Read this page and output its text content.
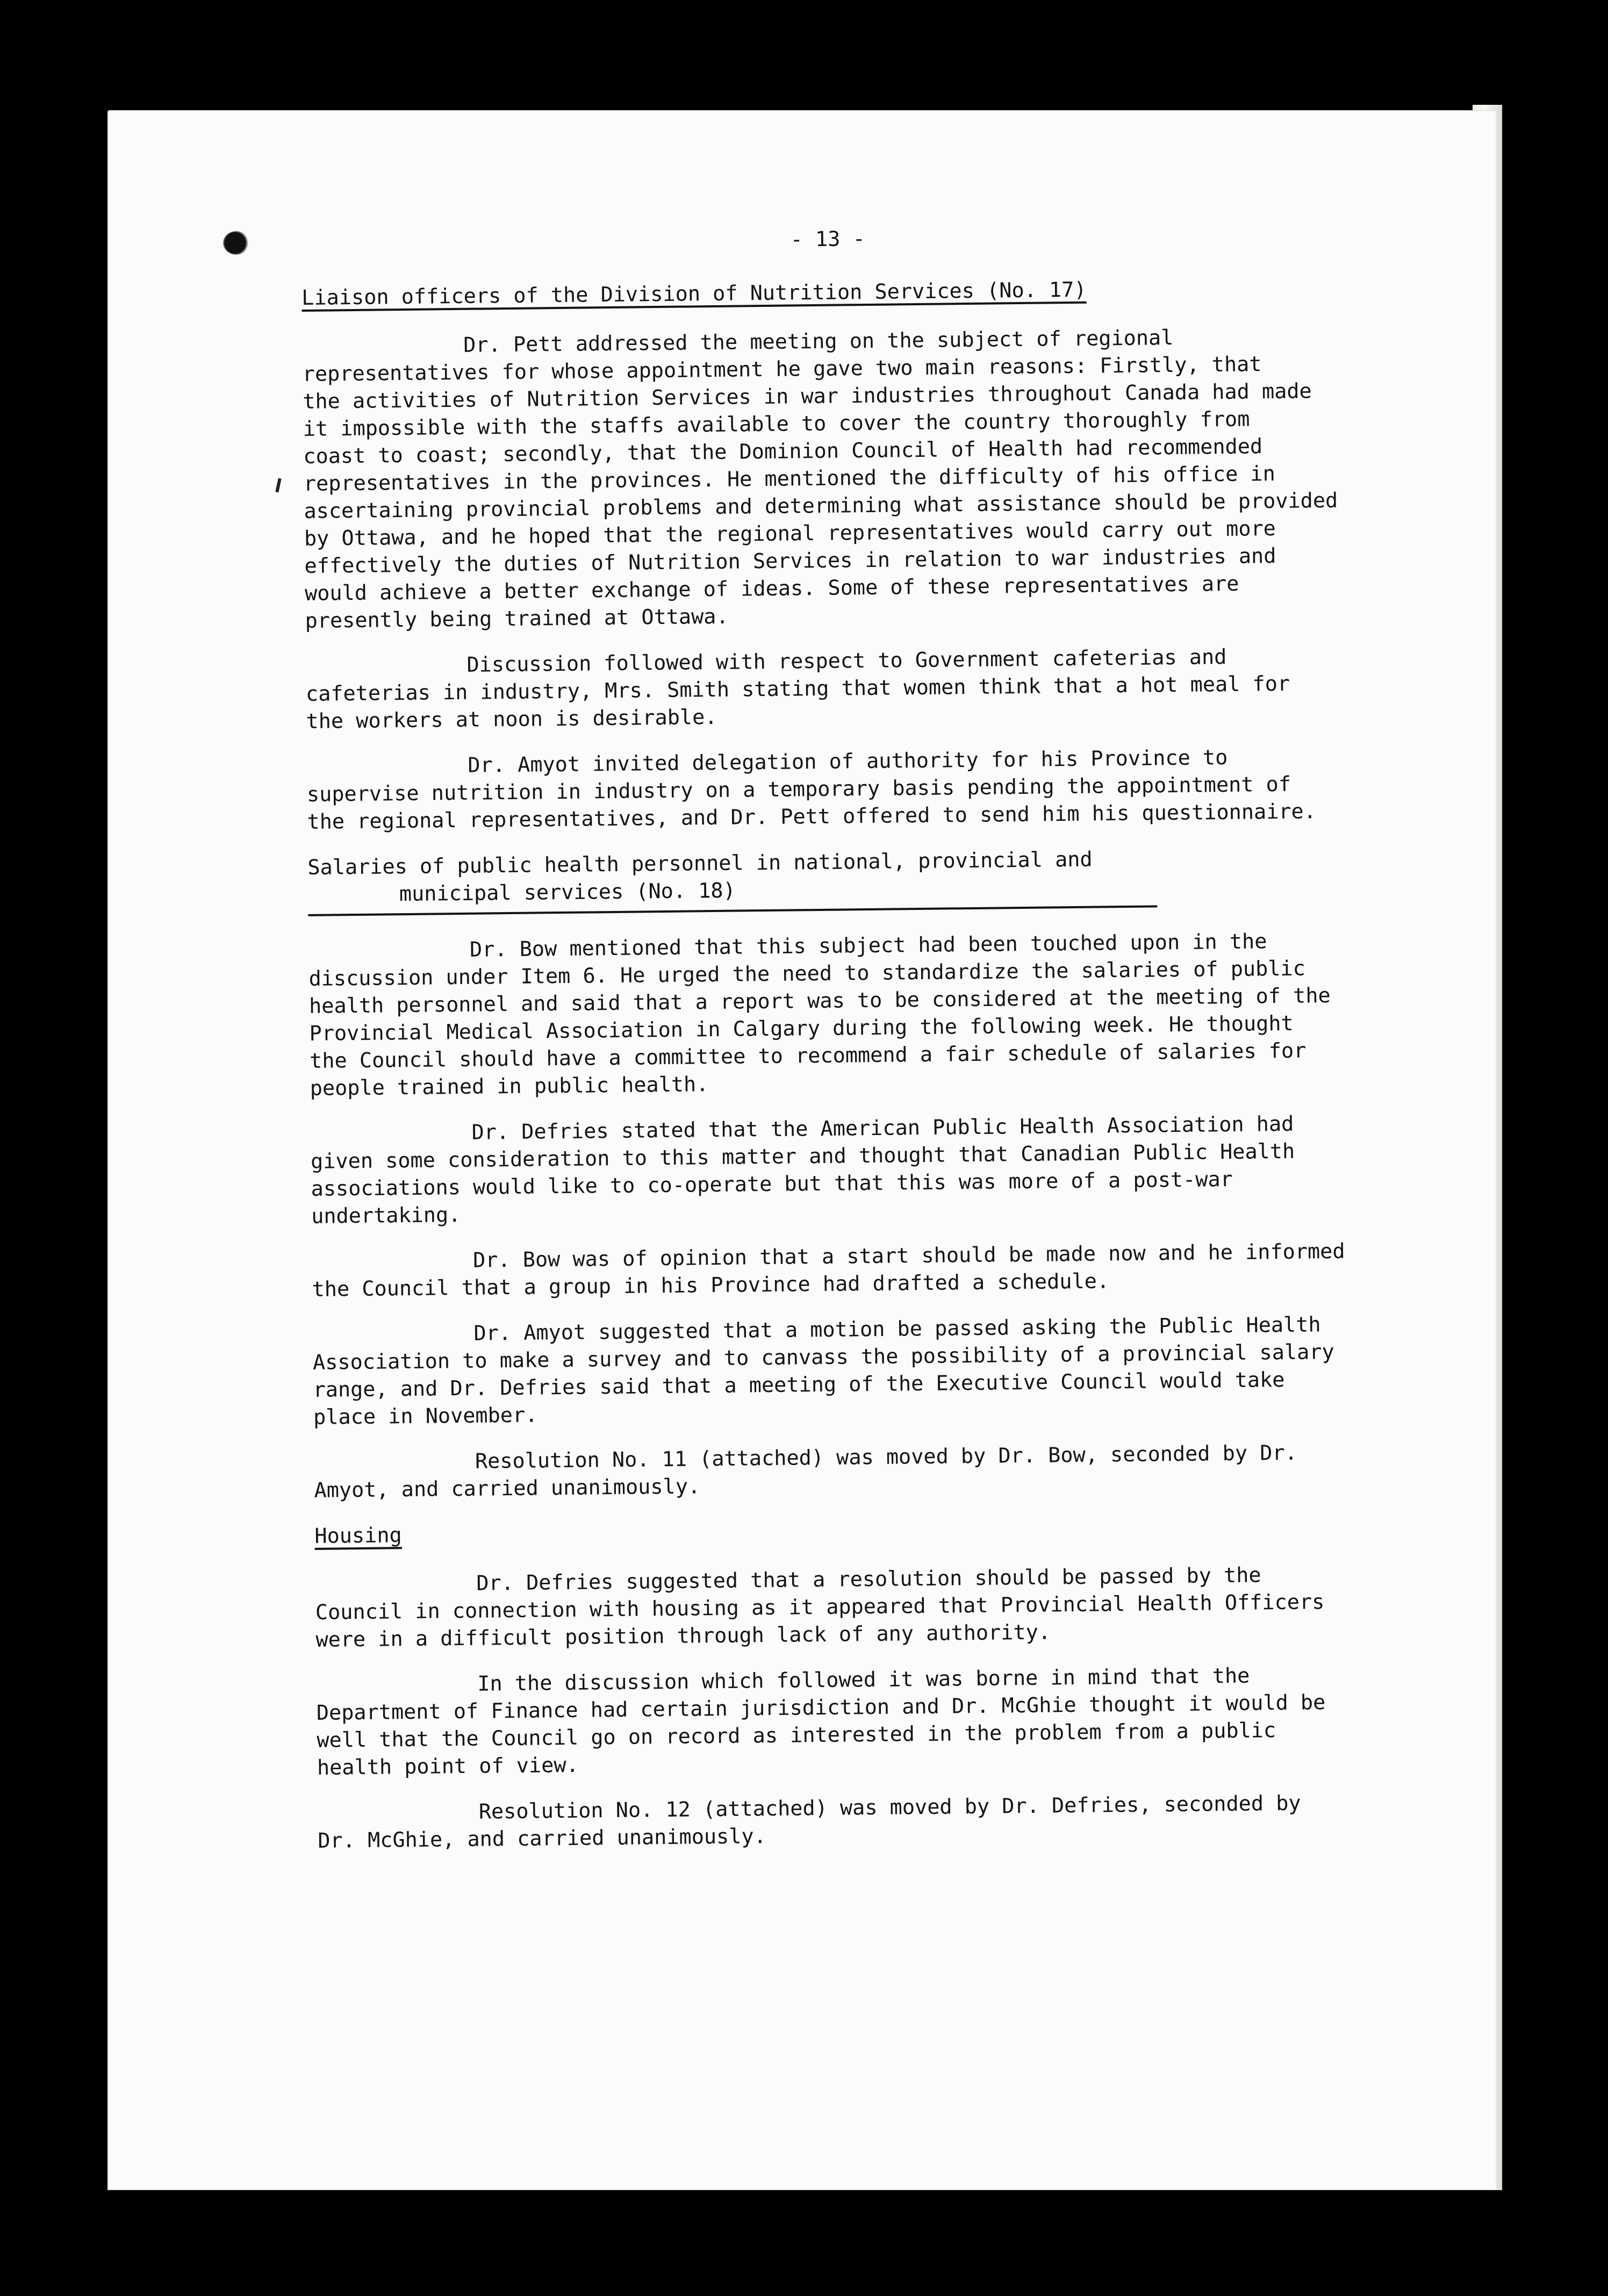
- 13 -
Liaison officers of the Division of Nutrition Services (No. 17)

Dr. Pett addressed the meeting on the subject of regional
representatives for whose appointment he gave two main reasons: Firstly, that
the activities of Nutrition Services in war industries throughout Canada had made
it impossible with the staffs available to cover the country thoroughly from
coast to coast; secondly, that the Dominion Council of Health had recommended
representatives in the provinces. He mentioned the difficulty of his office in
ascertaining provincial problems and determining what assistance should be provided
by Ottawa, and he hoped that the regional representatives would carry out more
effectively the duties of Nutrition Services in relation to war industries and
would achieve a better exchange of ideas. Some of these representatives are
presently being trained at Ottawa.

Discussion followed with respect to Government cafeterias and
cafeterias in industry, Mrs. Smith stating that women think that a hot meal for
the workers at noon is desirable.

Dr. Amyot invited delegation of authority for his Province to
supervise nutrition in industry on a temporary basis pending the appointment of
the regional representatives, and Dr. Pett offered to send him his questionnaire.

Salaries of public health personnel in national, provincial and
municipal services (No. 18)

Dr. Bow mentioned that this subject had been touched upon in the
discussion under Item 6. He urged the need to standardize the salaries of public
health personnel and said that a report was to be considered at the meeting of the
Provincial Medical Association in Calgary during the following week. He thought
the Council should have a committee to recommend a fair schedule of salaries for
people trained in public health.

Dr. Defries stated that the American Public Health Association had
given some consideration to this matter and thought that Canadian Public Health
associations would like to co-operate but that this was more of a post-war
undertaking.

Dr. Bow was of opinion that a start should be made now and he informed
the Council that a group in his Province had drafted a schedule.

Dr. Amyot suggested that a motion be passed asking the Public Health
Association to make a survey and to canvass the possibility of a provincial salary
range, and Dr. Defries said that a meeting of the Executive Council would take
place in November.

Resolution No. 11 (attached) was moved by Dr. Bow, seconded by Dr.
Amyot, and carried unanimously.

Housing

Dr. Defries suggested that a resolution should be passed by the
Council in connection with housing as it appeared that Provincial Health Officers
were in a difficult position through lack of any authority.

In the discussion which followed it was borne in mind that the
Department of Finance had certain jurisdiction and Dr. McGhie thought it would be
well that the Council go on record as interested in the problem from a public
health point of view.

Resolution No. 12 (attached) was moved by Dr. Defries, seconded by
Dr. McGhie, and carried unanimously.
